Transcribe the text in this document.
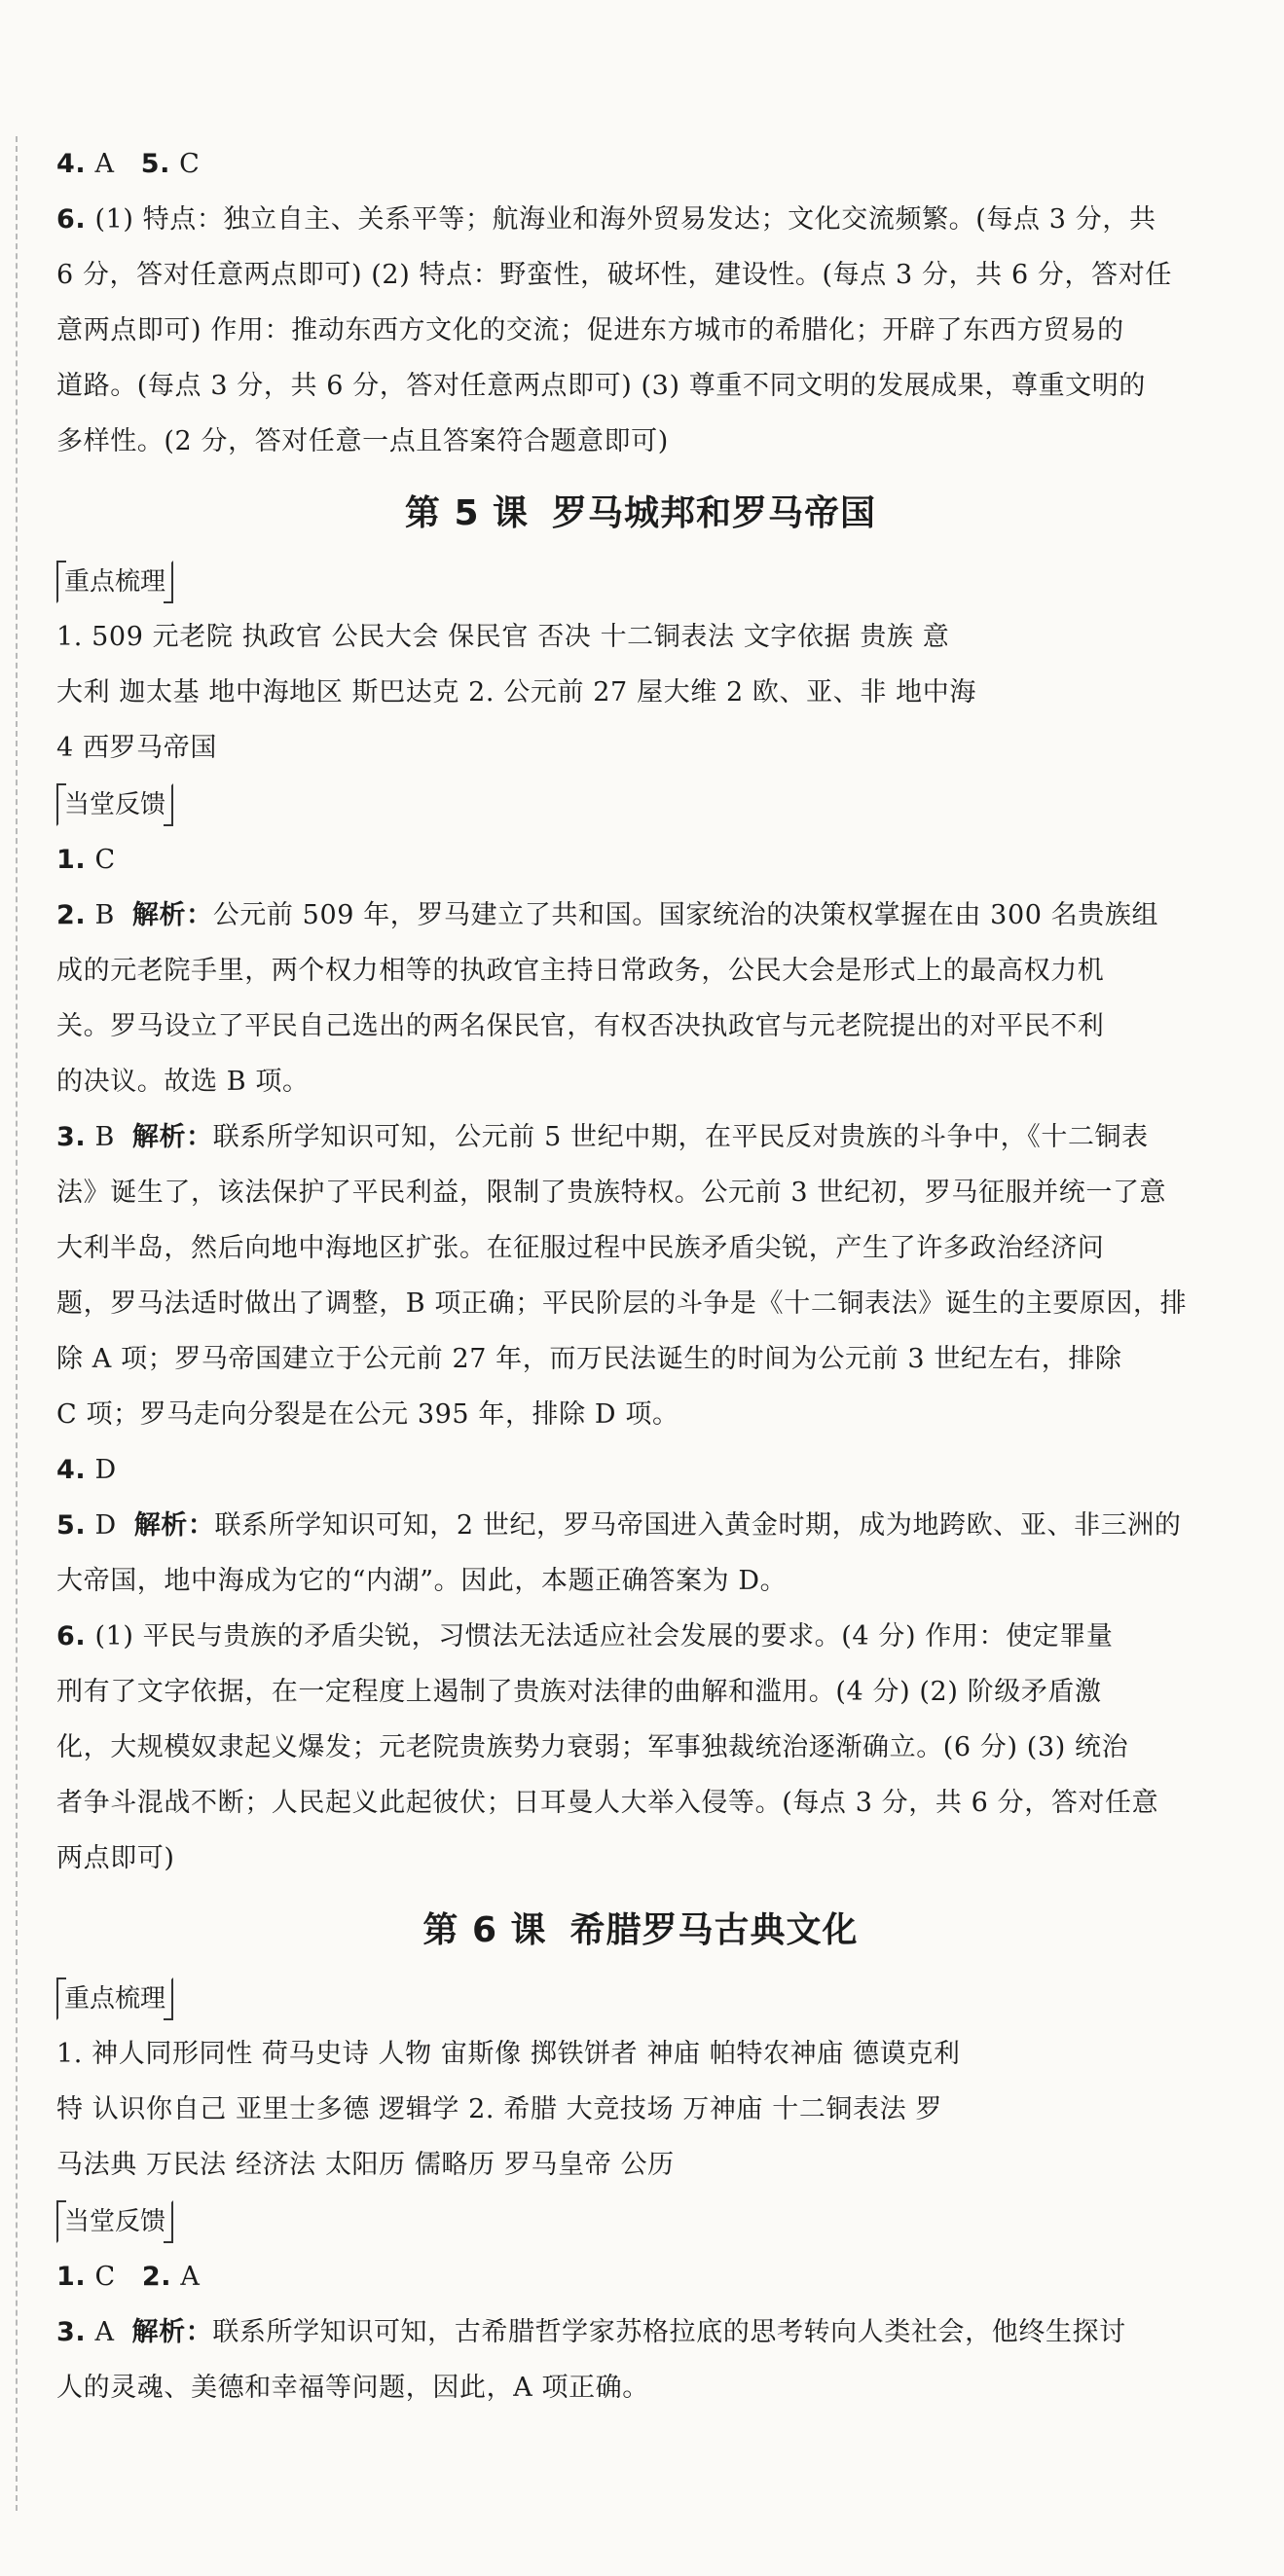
4. A 5. C
6. (1) 特点：独立自主、关系平等；航海业和海外贸易发达；文化交流频繁。(每点 3 分，共
6 分，答对任意两点即可) (2) 特点：野蛮性，破坏性，建设性。(每点 3 分，共 6 分，答对任
意两点即可) 作用：推动东西方文化的交流；促进东方城市的希腊化；开辟了东西方贸易的
道路。(每点 3 分，共 6 分，答对任意两点即可) (3) 尊重不同文明的发展成果，尊重文明的
多样性。(2 分，答对任意一点且答案符合题意即可)
第 5 课 罗马城邦和罗马帝国
重点梳理
1. 509 元老院 执政官 公民大会 保民官 否决 十二铜表法 文字依据 贵族 意
大利 迦太基 地中海地区 斯巴达克 2. 公元前 27 屋大维 2 欧、亚、非 地中海
4 西罗马帝国
当堂反馈
1. C
2. B 解析：公元前 509 年，罗马建立了共和国。国家统治的决策权掌握在由 300 名贵族组
成的元老院手里，两个权力相等的执政官主持日常政务，公民大会是形式上的最高权力机
关。罗马设立了平民自己选出的两名保民官，有权否决执政官与元老院提出的对平民不利
的决议。故选 B 项。
3. B 解析：联系所学知识可知，公元前 5 世纪中期，在平民反对贵族的斗争中，《十二铜表
法》诞生了，该法保护了平民利益，限制了贵族特权。公元前 3 世纪初，罗马征服并统一了意
大利半岛，然后向地中海地区扩张。在征服过程中民族矛盾尖锐，产生了许多政治经济问
题，罗马法适时做出了调整，B 项正确；平民阶层的斗争是《十二铜表法》诞生的主要原因，排
除 A 项；罗马帝国建立于公元前 27 年，而万民法诞生的时间为公元前 3 世纪左右，排除
C 项；罗马走向分裂是在公元 395 年，排除 D 项。
4. D
5. D 解析：联系所学知识可知，2 世纪，罗马帝国进入黄金时期，成为地跨欧、亚、非三洲的
大帝国，地中海成为它的“内湖”。因此，本题正确答案为 D。
6. (1) 平民与贵族的矛盾尖锐，习惯法无法适应社会发展的要求。(4 分) 作用：使定罪量
刑有了文字依据，在一定程度上遏制了贵族对法律的曲解和滥用。(4 分) (2) 阶级矛盾激
化，大规模奴隶起义爆发；元老院贵族势力衰弱；军事独裁统治逐渐确立。(6 分) (3) 统治
者争斗混战不断；人民起义此起彼伏；日耳曼人大举入侵等。(每点 3 分，共 6 分，答对任意
两点即可)
第 6 课 希腊罗马古典文化
重点梳理
1. 神人同形同性 荷马史诗 人物 宙斯像 掷铁饼者 神庙 帕特农神庙 德谟克利
特 认识你自己 亚里士多德 逻辑学 2. 希腊 大竞技场 万神庙 十二铜表法 罗
马法典 万民法 经济法 太阳历 儒略历 罗马皇帝 公历
当堂反馈
1. C 2. A
3. A 解析：联系所学知识可知，古希腊哲学家苏格拉底的思考转向人类社会，他终生探讨
人的灵魂、美德和幸福等问题，因此，A 项正确。
